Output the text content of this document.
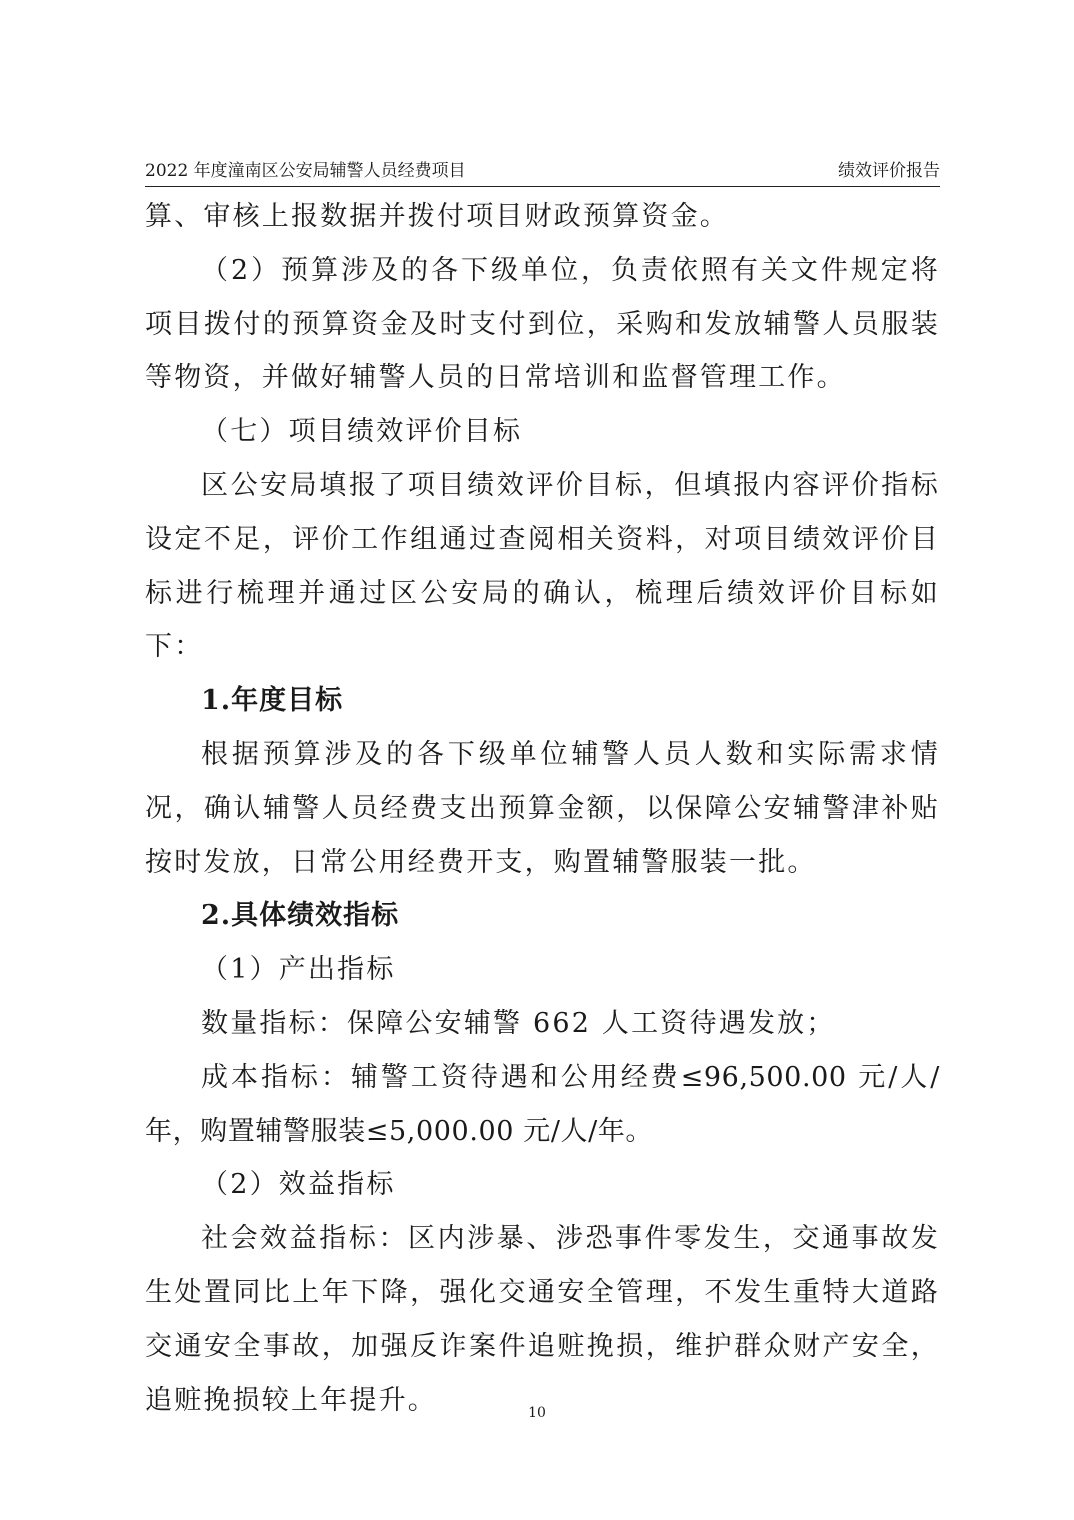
2022 年度潼南区公安局辅警人员经费项目	绩效评价报告

算、审核上报数据并拨付项目财政预算资金。

（2）预算涉及的各下级单位，负责依照有关文件规定将项目拨付的预算资金及时支付到位，采购和发放辅警人员服装等物资，并做好辅警人员的日常培训和监督管理工作。

（七）项目绩效评价目标

区公安局填报了项目绩效评价目标，但填报内容评价指标设定不足，评价工作组通过查阅相关资料，对项目绩效评价目标进行梳理并通过区公安局的确认，梳理后绩效评价目标如下：

1.年度目标

根据预算涉及的各下级单位辅警人员人数和实际需求情况，确认辅警人员经费支出预算金额，以保障公安辅警津补贴按时发放，日常公用经费开支，购置辅警服装一批。

2.具体绩效指标

（1）产出指标

数量指标：保障公安辅警 662 人工资待遇发放；

成本指标：辅警工资待遇和公用经费≤96,500.00 元/人/年，购置辅警服装≤5,000.00 元/人/年。

（2）效益指标

社会效益指标：区内涉暴、涉恐事件零发生，交通事故发生处置同比上年下降，强化交通安全管理，不发生重特大道路交通安全事故，加强反诈案件追赃挽损，维护群众财产安全，追赃挽损较上年提升。	10
